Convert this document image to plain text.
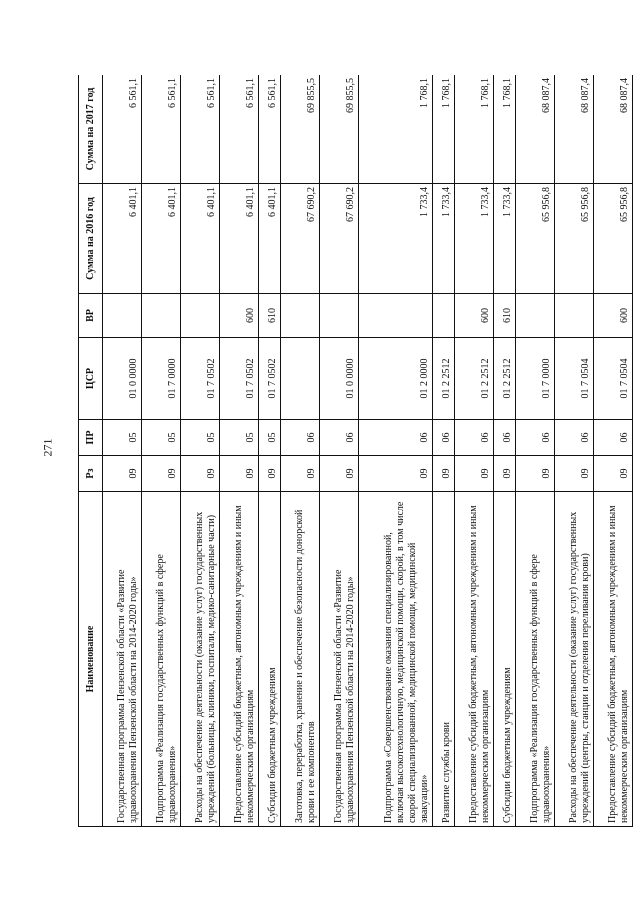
271
Наименование	Рз	ПР	ЦСР	ВР	Сумма на 2016 год	Сумма на 2017 год
Государственная программа Пензенской области «Развитие здравоохранения Пензенской области на 2014-2020 годы»	09	05	01 0 0000		6 401,1	6 561,1
Подпрограмма «Реализация государственных функций в сфере здравоохранения»	09	05	01 7 0000		6 401,1	6 561,1
Расходы на обеспечение деятельности (оказание услуг) государственных учреждений (больницы, клиники, госпитали, медико-санитарные части)	09	05	01 7 0502		6 401,1	6 561,1
Предоставление субсидий бюджетным, автономным учреждениям и иным некоммерческим организациям	09	05	01 7 0502	600	6 401,1	6 561,1
Субсидии бюджетным учреждениям	09	05	01 7 0502	610	6 401,1	6 561,1
Заготовка, переработка, хранение и обеспечение безопасности донорской крови и ее компонентов	09	06			67 690,2	69 855,5
Государственная программа Пензенской области «Развитие здравоохранения Пензенской области на 2014-2020 годы»	09	06	01 0 0000		67 690,2	69 855,5
Подпрограмма «Совершенствование оказания специализированной, включая высокотехнологичную, медицинской помощи, скорой, в том числе скорой специализированной, медицинской помощи, медицинской эвакуации»	09	06	01 2 0000		1 733,4	1 768,1
Развитие службы крови	09	06	01 2 2512		1 733,4	1 768,1
Предоставление субсидий бюджетным, автономным учреждениям и иным некоммерческим организациям	09	06	01 2 2512	600	1 733,4	1 768,1
Субсидии бюджетным учреждениям	09	06	01 2 2512	610	1 733,4	1 768,1
Подпрограмма «Реализация государственных функций в сфере здравоохранения»	09	06	01 7 0000		65 956,8	68 087,4
Расходы на обеспечение деятельности (оказание услуг) государственных учреждений (центры, станции и отделения переливания крови)	09	06	01 7 0504		65 956,8	68 087,4
Предоставление субсидий бюджетным, автономным учреждениям и иным некоммерческим организациям	09	06	01 7 0504	600	65 956,8	68 087,4
